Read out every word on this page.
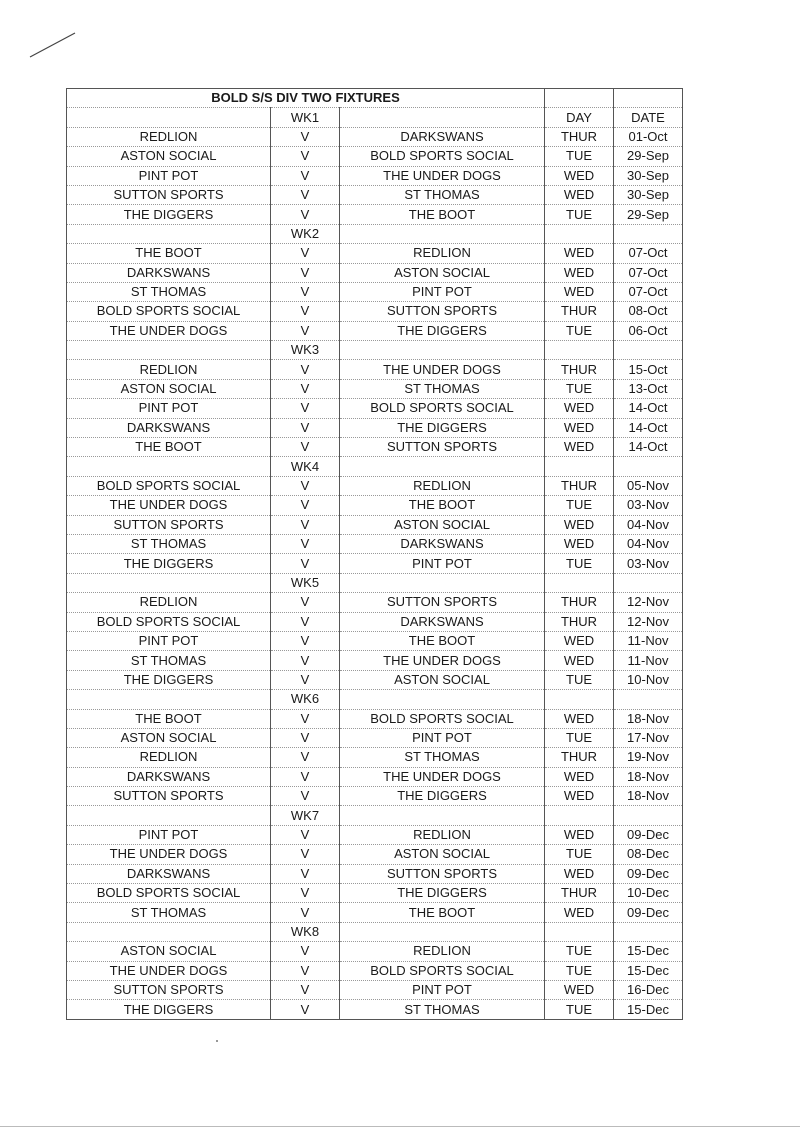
BOLD S/S DIV TWO FIXTURES				
	WK1		DAY	DATE
REDLION	V	DARKSWANS	THUR	01-Oct
ASTON SOCIAL	V	BOLD SPORTS SOCIAL	TUE	29-Sep
PINT POT	V	THE UNDER DOGS	WED	30-Sep
SUTTON SPORTS	V	ST THOMAS	WED	30-Sep
THE DIGGERS	V	THE BOOT	TUE	29-Sep
	WK2			
THE BOOT	V	REDLION	WED	07-Oct
DARKSWANS	V	ASTON SOCIAL	WED	07-Oct
ST THOMAS	V	PINT POT	WED	07-Oct
BOLD SPORTS SOCIAL	V	SUTTON SPORTS	THUR	08-Oct
THE UNDER DOGS	V	THE DIGGERS	TUE	06-Oct
	WK3			
REDLION	V	THE UNDER DOGS	THUR	15-Oct
ASTON SOCIAL	V	ST THOMAS	TUE	13-Oct
PINT POT	V	BOLD SPORTS SOCIAL	WED	14-Oct
DARKSWANS	V	THE DIGGERS	WED	14-Oct
THE BOOT	V	SUTTON SPORTS	WED	14-Oct
	WK4			
BOLD SPORTS SOCIAL	V	REDLION	THUR	05-Nov
THE UNDER DOGS	V	THE BOOT	TUE	03-Nov
SUTTON SPORTS	V	ASTON SOCIAL	WED	04-Nov
ST THOMAS	V	DARKSWANS	WED	04-Nov
THE DIGGERS	V	PINT POT	TUE	03-Nov
	WK5			
REDLION	V	SUTTON SPORTS	THUR	12-Nov
BOLD SPORTS SOCIAL	V	DARKSWANS	THUR	12-Nov
PINT POT	V	THE BOOT	WED	11-Nov
ST THOMAS	V	THE UNDER DOGS	WED	11-Nov
THE DIGGERS	V	ASTON SOCIAL	TUE	10-Nov
	WK6			
THE BOOT	V	BOLD SPORTS SOCIAL	WED	18-Nov
ASTON SOCIAL	V	PINT POT	TUE	17-Nov
REDLION	V	ST THOMAS	THUR	19-Nov
DARKSWANS	V	THE UNDER DOGS	WED	18-Nov
SUTTON SPORTS	V	THE DIGGERS	WED	18-Nov
	WK7			
PINT POT	V	REDLION	WED	09-Dec
THE UNDER DOGS	V	ASTON SOCIAL	TUE	08-Dec
DARKSWANS	V	SUTTON SPORTS	WED	09-Dec
BOLD SPORTS SOCIAL	V	THE DIGGERS	THUR	10-Dec
ST THOMAS	V	THE BOOT	WED	09-Dec
	WK8			
ASTON SOCIAL	V	REDLION	TUE	15-Dec
THE UNDER DOGS	V	BOLD SPORTS SOCIAL	TUE	15-Dec
SUTTON SPORTS	V	PINT POT	WED	16-Dec
THE DIGGERS	V	ST THOMAS	TUE	15-Dec
